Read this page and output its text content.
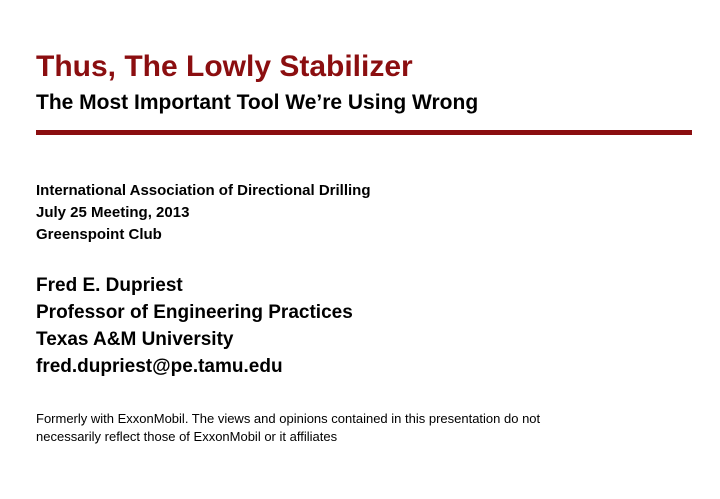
Thus, The Lowly Stabilizer
The Most Important Tool We’re Using Wrong
International Association of Directional Drilling
July 25 Meeting, 2013
Greenspoint Club
Fred E. Dupriest
Professor of Engineering Practices
Texas A&M University
fred.dupriest@pe.tamu.edu
Formerly with ExxonMobil. The views and opinions contained in this presentation do not
necessarily reflect those of ExxonMobil or it affiliates
